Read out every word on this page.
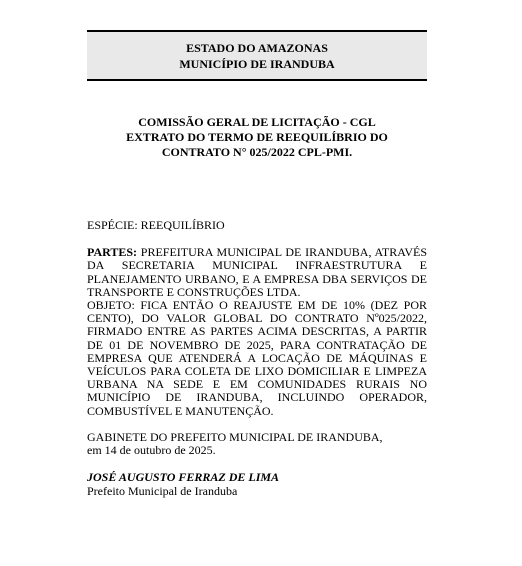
ESTADO DO AMAZONAS
MUNICÍPIO DE IRANDUBA
COMISSÃO GERAL DE LICITAÇÃO - CGL
EXTRATO DO TERMO DE REEQUILÍBRIO DO
CONTRATO N° 025/2022 CPL-PMI.
ESPÉCIE: REEQUILÍBRIO
PARTES: PREFEITURA MUNICIPAL DE IRANDUBA, ATRAVÉS DA SECRETARIA MUNICIPAL INFRAESTRUTURA E PLANEJAMENTO URBANO, E A EMPRESA DBA SERVIÇOS DE TRANSPORTE E CONSTRUÇÕES LTDA.
OBJETO: FICA ENTÃO O REAJUSTE EM DE 10% (DEZ POR CENTO), DO VALOR GLOBAL DO CONTRATO Nº025/2022, FIRMADO ENTRE AS PARTES ACIMA DESCRITAS, A PARTIR DE 01 DE NOVEMBRO DE 2025, PARA CONTRATAÇÃO DE EMPRESA QUE ATENDERÁ A LOCAÇÃO DE MÁQUINAS E VEÍCULOS PARA COLETA DE LIXO DOMICILIAR E LIMPEZA URBANA NA SEDE E EM COMUNIDADES RURAIS NO MUNICÍPIO DE IRANDUBA, INCLUINDO OPERADOR, COMBUSTÍVEL E MANUTENÇÃO.
GABINETE DO PREFEITO MUNICIPAL DE IRANDUBA,
em 14 de outubro de 2025.
JOSÉ AUGUSTO FERRAZ DE LIMA
Prefeito Municipal de Iranduba
